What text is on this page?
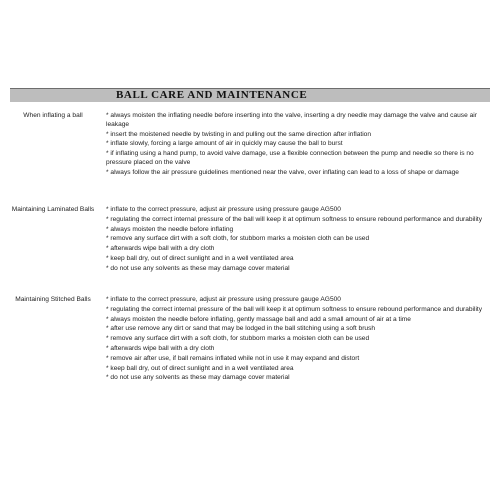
BALL CARE AND MAINTENANCE
When inflating a ball	* always moisten the inflating needle before inserting into the valve, inserting a dry needle may damage the valve and cause air leakage
* insert the moistened needle by twisting in and pulling out the same direction after inflation
* inflate slowly, forcing a large amount of air in quickly may cause the ball to burst
* if inflating using a hand pump, to avoid valve damage, use a flexible connection between the pump and needle so there is no pressure placed on the valve
* always follow the air pressure guidelines mentioned near the valve, over inflating can lead to a loss of shape or damage
Maintaining Laminated Balls	* inflate to the correct pressure, adjust air pressure using pressure gauge AG500
* regulating the correct internal pressure of the ball will keep it at optimum softness to ensure rebound performance and durability
* always moisten the needle before inflating
* remove any surface dirt with a soft cloth, for stubborn marks a moisten cloth can be used
* afterwards wipe ball with a dry cloth
* keep ball dry, out of direct sunlight and in a well ventilated area
* do not use any solvents as these may damage cover material
Maintaining Stitched Balls	* inflate to the correct pressure, adjust air pressure using pressure gauge AG500
* regulating the correct internal pressure of the ball will keep it at optimum softness to ensure rebound performance and durability
* always moisten the needle before inflating, gently massage ball and add a small amount of air at a time
* after use remove any dirt or sand that may be lodged in the ball stitching using a soft brush
* remove any surface dirt with a soft cloth, for stubborn marks a moisten cloth can be used
* afterwards wipe ball with a dry cloth
* remove air after use, if ball remains inflated while not in use it may expand and distort
* keep ball dry, out of direct sunlight and in a well ventilated area
* do not use any solvents as these may damage cover material
